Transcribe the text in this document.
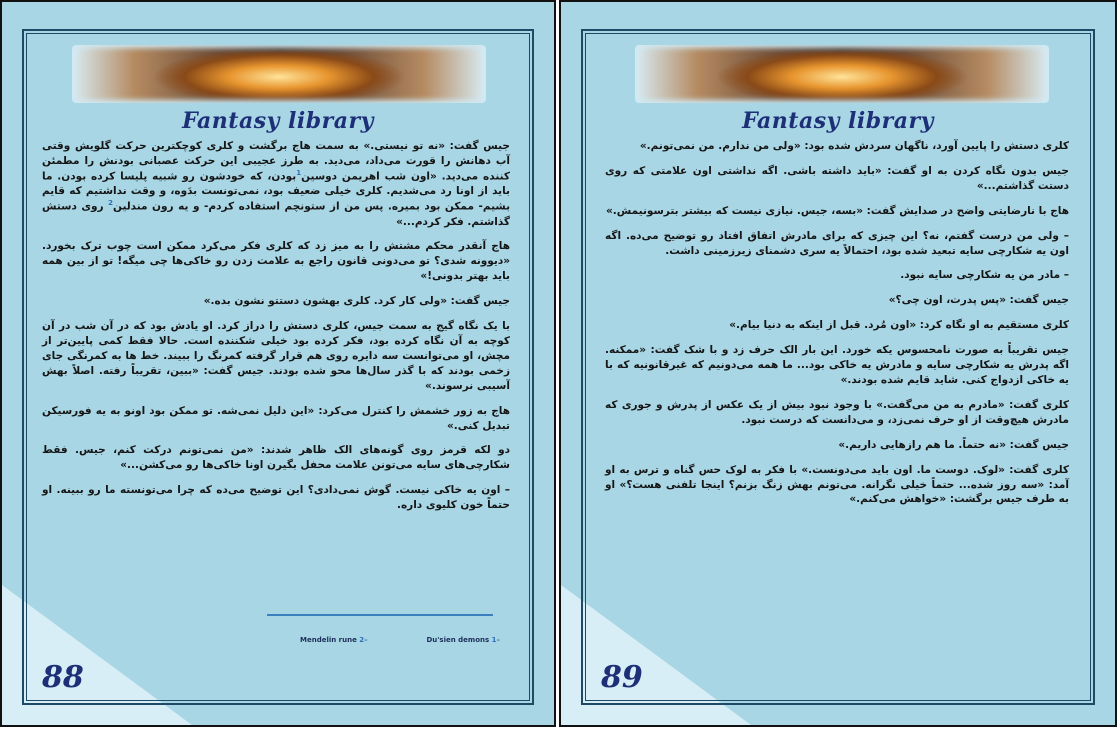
Fantasy library

جیس گفت: «نه تو نیستی.» به سمت هاج برگشت و کلری کوچکترین حرکت گلویش وقتی آب دهانش را قورت می‌داد، می‌دید. به طرز عجیبی این حرکت عصبانی بودنش را مطمئن کننده می‌دید. «اون شب اهریمن دوسین$^1$بودن، که خودشون رو شبیه پلیسا کرده بودن. ما باید از اونا رد می‌شدیم. کلری خیلی ضعیف بود، نمی‌تونست بدَوه، و وقت نداشتیم که قایم بشیم- ممکن بود بمیره. پس من از ستونچم استفاده کردم- و یه رون مندلین$^2$ روی دستش گذاشتم. فکر کردم...»

هاج آنقدر محکم مشتش را به میز زد که کلری فکر می‌کرد ممکن است چوب ترک بخورد. «دیوونه شدی؟ تو می‌دونی قانون راجع به علامت زدن رو خاکی‌ها چی میگه! تو از بین همه باید بهتر بدونی!»

جیس گفت: «ولی کار کرد. کلری بهشون دستتو نشون بده.»

با یک نگاه گیج به سمت جیس، کلری دستش را دراز کرد. او یادش بود که در آن شب در آن کوچه به آن نگاه کرده بود، فکر کرده بود خیلی شکننده است. حالا فقط کمی پایین‌تر از مچش، او می‌توانست سه دایره روی هم قرار گرفته کمرنگ را ببیند. خط ها به کمرنگی جای زخمی بودند که با گذر سال‌ها محو شده بودند. جیس گفت: «ببین، تقریباً رفته. اصلاً بهش آسیبی نرسوند.»

هاج به زور خشمش را کنترل می‌کرد: «این دلیل نمی‌شه. تو ممکن بود اونو به یه فورسیکن تبدیل کنی.»

دو لکه قرمز روی گونه‌های الک ظاهر شدند: «من نمی‌تونم درکت کنم، جیس. فقط شکارچی‌های سایه می‌تونن علامت محفل بگیرن اونا خاکی‌ها رو می‌کشن...»

– اون یه خاکی نیست. گوش نمی‌دادی؟ این توضیح می‌ده که چرا می‌تونسته ما رو ببینه. او حتماً خون کلیوی داره.

Mendelin rune 2–	Du'sien demons 1–
88
Fantasy library

کلری دستش را پایین آورد، ناگهان سردش شده بود: «ولی من ندارم. من نمی‌تونم.»

جیس بدون نگاه کردن به او گفت: «باید داشته باشی. اگه نداشتی اون علامتی که روی دستت گذاشتم...»

هاج با نارضایتی واضح در صدایش گفت: «بسه، جیس. نیازی نیست که بیشتر بترسونیمش.»

– ولی من درست گفتم، نه؟ این چیزی که برای مادرش اتفاق افتاد رو توضیح می‌ده. اگه اون یه شکارچی سایه تبعید شده بود، احتمالاً یه سری دشمنای زیرزمینی داشت.

– مادر من یه شکارچی سایه نبود.

جیس گفت: «پس پدرت، اون چی؟»

کلری مستقیم به او نگاه کرد: «اون مُرد. قبل از اینکه به دنیا بیام.»

جیس تقریباً به صورت نامحسوس یکه خورد. این بار الک حرف زد و با شک گفت: «ممکنه. اگه پدرش یه شکارچی سایه و مادرش یه خاکی بود... ما همه می‌دونیم که غیرقانونیه که با یه خاکی ازدواج کنی. شاید قایم شده بودند.»

کلری گفت: «مادرم به من می‌گفت.» با وجود نبود بیش از یک عکس از پدرش و جوری که مادرش هیچ‌وقت از او حرف نمی‌زد، و می‌دانست که درست نبود.

جیس گفت: «نه حتماً. ما هم رازهایی داریم.»

کلری گفت: «لوک. دوست ما. اون باید می‌دونست.» با فکر به لوک حس گناه و ترس به او آمد: «سه روز شده... حتماً خیلی نگرانه. می‌تونم بهش زنگ بزنم؟ اینجا تلفنی هست؟» او به طرف جیس برگشت: «خواهش می‌کنم.»

89
